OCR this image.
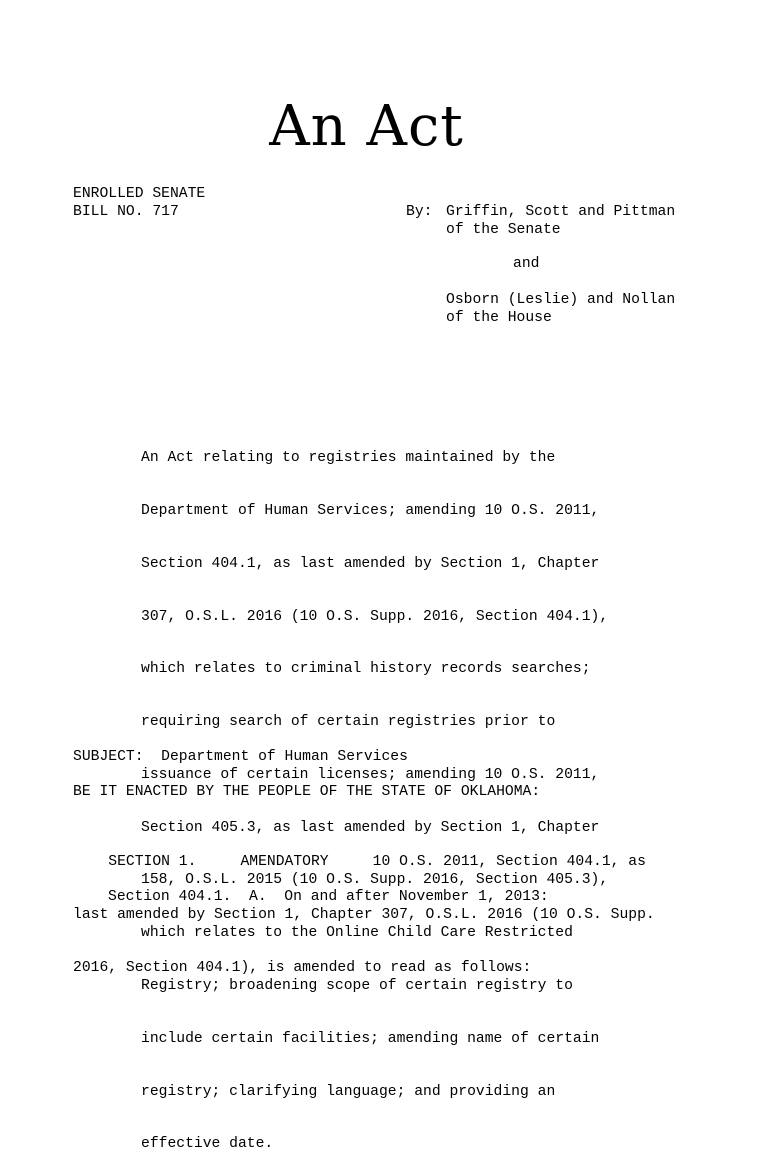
An Act
ENROLLED SENATE
BILL NO. 717	By: Griffin, Scott and Pittman
of the Senate
and
Osborn (Leslie) and Nollan
of the House

An Act relating to registries maintained by the

Department of Human Services; amending 10 O.S. 2011,

Section 404.1, as last amended by Section 1, Chapter

307, O.S.L. 2016 (10 O.S. Supp. 2016, Section 404.1),

which relates to criminal history records searches;

requiring search of certain registries prior to

issuance of certain licenses; amending 10 O.S. 2011,

Section 405.3, as last amended by Section 1, Chapter

158, O.S.L. 2015 (10 O.S. Supp. 2016, Section 405.3),

which relates to the Online Child Care Restricted

Registry; broadening scope of certain registry to

include certain facilities; amending name of certain

registry; clarifying language; and providing an

effective date.

SUBJECT:  Department of Human Services
BE IT ENACTED BY THE PEOPLE OF THE STATE OF OKLAHOMA:

SECTION 1.     AMENDATORY     10 O.S. 2011, Section 404.1, as

last amended by Section 1, Chapter 307, O.S.L. 2016 (10 O.S. Supp.

2016, Section 404.1), is amended to read as follows:

Section 404.1.  A.  On and after November 1, 2013:
